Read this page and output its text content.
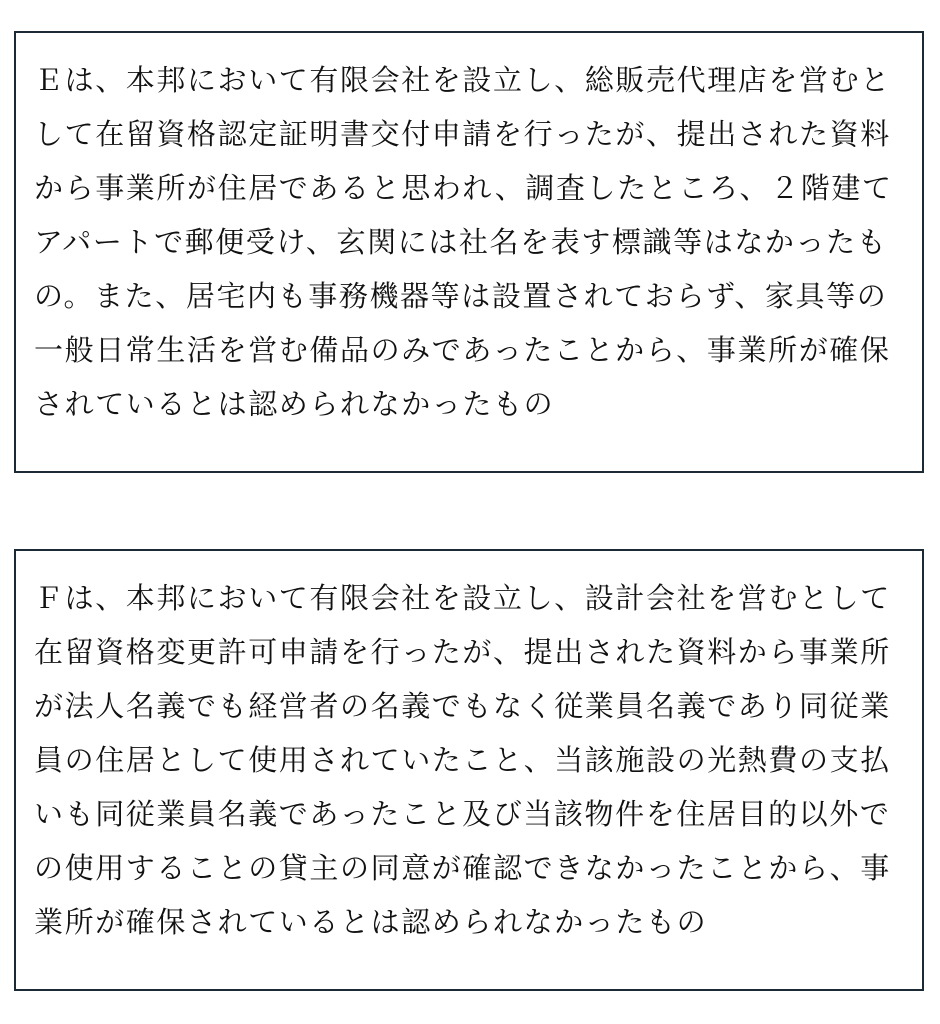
Ｅは、本邦において有限会社を設立し、総販売代理店を営むと
して在留資格認定証明書交付申請を行ったが、提出された資料
から事業所が住居であると思われ、調査したところ、２階建て
アパートで郵便受け、玄関には社名を表す標識等はなかったも
の。また、居宅内も事務機器等は設置されておらず、家具等の
一般日常生活を営む備品のみであったことから、事業所が確保
されているとは認められなかったもの
Ｆは、本邦において有限会社を設立し、設計会社を営むとして
在留資格変更許可申請を行ったが、提出された資料から事業所
が法人名義でも経営者の名義でもなく従業員名義であり同従業
員の住居として使用されていたこと、当該施設の光熱費の支払
いも同従業員名義であったこと及び当該物件を住居目的以外で
の使用することの貸主の同意が確認できなかったことから、事
業所が確保されているとは認められなかったもの
